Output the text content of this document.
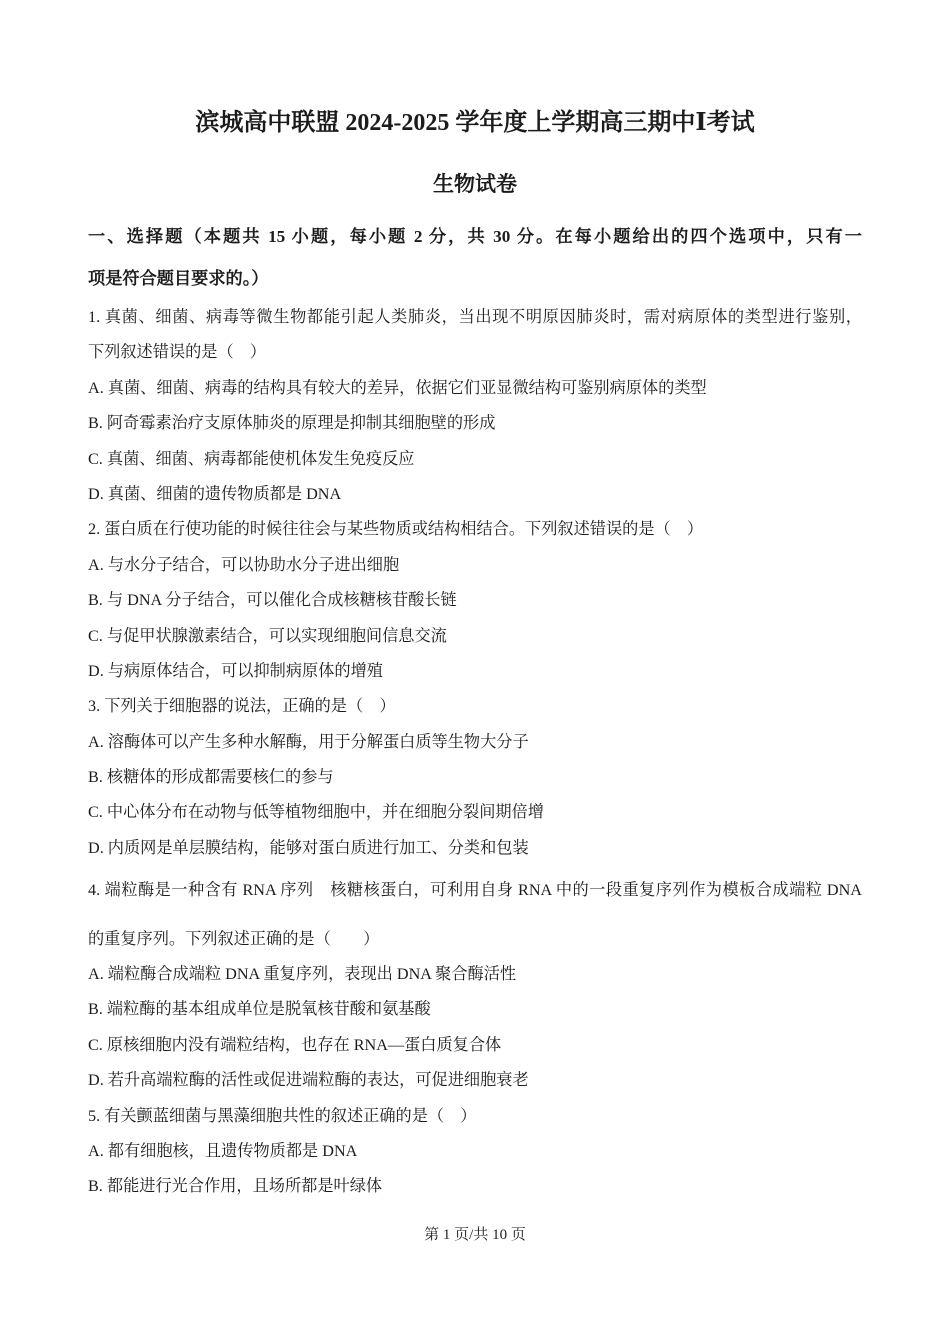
滨城高中联盟 2024-2025 学年度上学期高三期中Ⅰ考试
生物试卷
一、选择题（本题共 15 小题，每小题 2 分，共 30 分。在每小题给出的四个选项中，只有一
项是符合题目要求的。）
1. 真菌、细菌、病毒等微生物都能引起人类肺炎，当出现不明原因肺炎时，需对病原体的类型进行鉴别，
下列叙述错误的是（　）
A. 真菌、细菌、病毒的结构具有较大的差异，依据它们亚显微结构可鉴别病原体的类型
B. 阿奇霉素治疗支原体肺炎的原理是抑制其细胞壁的形成
C. 真菌、细菌、病毒都能使机体发生免疫反应
D. 真菌、细菌的遗传物质都是 DNA
2. 蛋白质在行使功能的时候往往会与某些物质或结构相结合。下列叙述错误的是（　）
A. 与水分子结合，可以协助水分子进出细胞
B. 与 DNA 分子结合，可以催化合成核糖核苷酸长链
C. 与促甲状腺激素结合，可以实现细胞间信息交流
D. 与病原体结合，可以抑制病原体的增殖
3. 下列关于细胞器的说法，正确的是（　）
A. 溶酶体可以产生多种水解酶，用于分解蛋白质等生物大分子
B. 核糖体的形成都需要核仁的参与
C. 中心体分布在动物与低等植物细胞中，并在细胞分裂间期倍增
D. 内质网是单层膜结构，能够对蛋白质进行加工、分类和包装
4. 端粒酶是一种含有 RNA 序列　核糖核蛋白，可利用自身 RNA 中的一段重复序列作为模板合成端粒 DNA
的重复序列。下列叙述正确的是（　　）
A. 端粒酶合成端粒 DNA 重复序列，表现出 DNA 聚合酶活性
B. 端粒酶的基本组成单位是脱氧核苷酸和氨基酸
C. 原核细胞内没有端粒结构，也存在 RNA—蛋白质复合体
D. 若升高端粒酶的活性或促进端粒酶的表达，可促进细胞衰老
5. 有关颤蓝细菌与黑藻细胞共性的叙述正确的是（　）
A. 都有细胞核，且遗传物质都是 DNA
B. 都能进行光合作用，且场所都是叶绿体
第 1 页/共 10 页
